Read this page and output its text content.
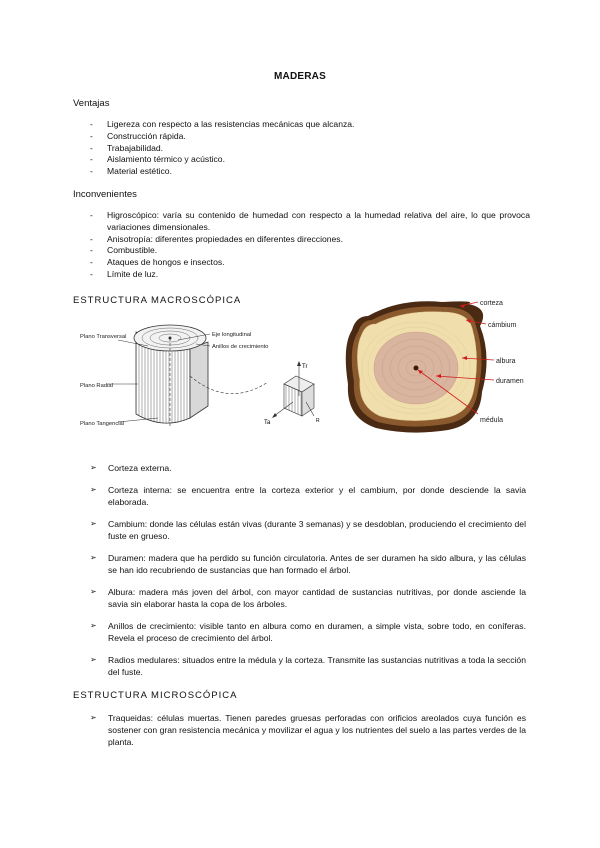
MADERAS
Ventajas
- Ligereza con respecto a las resistencias mecánicas que alcanza.
- Construcción rápida.
- Trabajabilidad.
- Aislamiento térmico y acústico.
- Material estético.
Inconvenientes
- Higroscópico: varía su contenido de humedad con respecto a la humedad relativa del aire, lo que provoca variaciones dimensionales.
- Anisotropía: diferentes propiedades en diferentes direcciones.
- Combustible.
- Ataques de hongos e insectos.
- Límite de luz.
ESTRUCTURA MACROSCÓPICA
Plano Transversal	Eje longitudinal
Anillos de crecimiento
Plano Radial
Plano Tangencial
Tr
Ta	R
corteza
cámbium
albura
duramen
médula
➢ Corteza externa.
➢ Corteza interna: se encuentra entre la corteza exterior y el cambium, por donde desciende la savia elaborada.
➢ Cambium: donde las células están vivas (durante 3 semanas) y se desdoblan, produciendo el crecimiento del fuste en grueso.
➢ Duramen: madera que ha perdido su función circulatoria. Antes de ser duramen ha sido albura, y las células se han ido recubriendo de sustancias que han formado el árbol.
➢ Albura: madera más joven del árbol, con mayor cantidad de sustancias nutritivas, por donde asciende la savia sin elaborar hasta la copa de los árboles.
➢ Anillos de crecimiento: visible tanto en albura como en duramen, a simple vista, sobre todo, en coníferas. Revela el proceso de crecimiento del árbol.
➢ Radios medulares: situados entre la médula y la corteza. Transmite las sustancias nutritivas a toda la sección del fuste.
ESTRUCTURA MICROSCÓPICA
➢ Traqueidas: células muertas. Tienen paredes gruesas perforadas con orificios areolados cuya función es sostener con gran resistencia mecánica y movilizar el agua y los nutrientes del suelo a las partes verdes de la planta.
